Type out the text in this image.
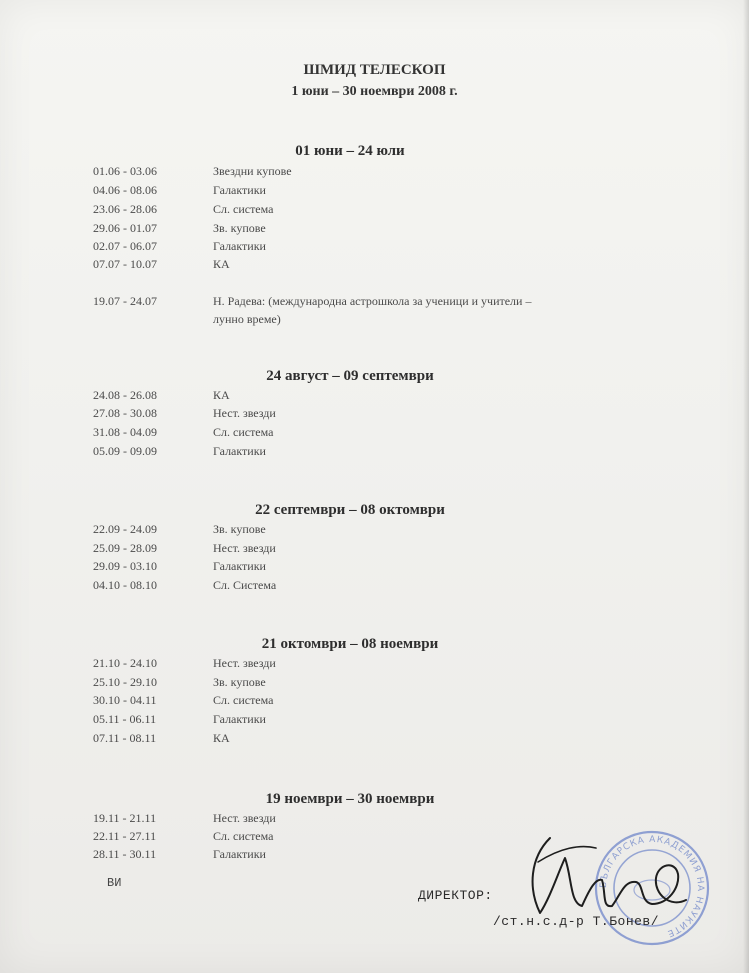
ШМИД ТЕЛЕСКОП
1 юни – 30 ноември 2008 г.
01 юни – 24 юли
01.06 - 03.06	Звездни купове
04.06 - 08.06	Галактики
23.06 - 28.06	Сл. система
29.06 - 01.07	Зв. купове
02.07 - 06.07	Галактики
07.07 - 10.07	КА
19.07 - 24.07	Н. Радева: (международна астрошкола за ученици и учители –
лунно време)
24 август – 09 септември
24.08 - 26.08	КА
27.08 - 30.08	Нест. звезди
31.08 - 04.09	Сл. система
05.09 - 09.09	Галактики
22 септември – 08 октомври
22.09 - 24.09	Зв. купове
25.09 - 28.09	Нест. звезди
29.09 - 03.10	Галактики
04.10 - 08.10	Сл. Система
21 октомври – 08 ноември
21.10 - 24.10	Нест. звезди
25.10 - 29.10	Зв. купове
30.10 - 04.11	Сл. система
05.11 - 06.11	Галактики
07.11 - 08.11	КА
19 ноември – 30 ноември
19.11 - 21.11	Нест. звезди
22.11 - 27.11	Сл. система
28.11 - 30.11	Галактики
ВИ	БЪЛГАРСКА АКАДЕМИЯ НА НАУКИТЕ
ДИРЕКТОР:
/ст.н.с.д-р Т.Бонев/
